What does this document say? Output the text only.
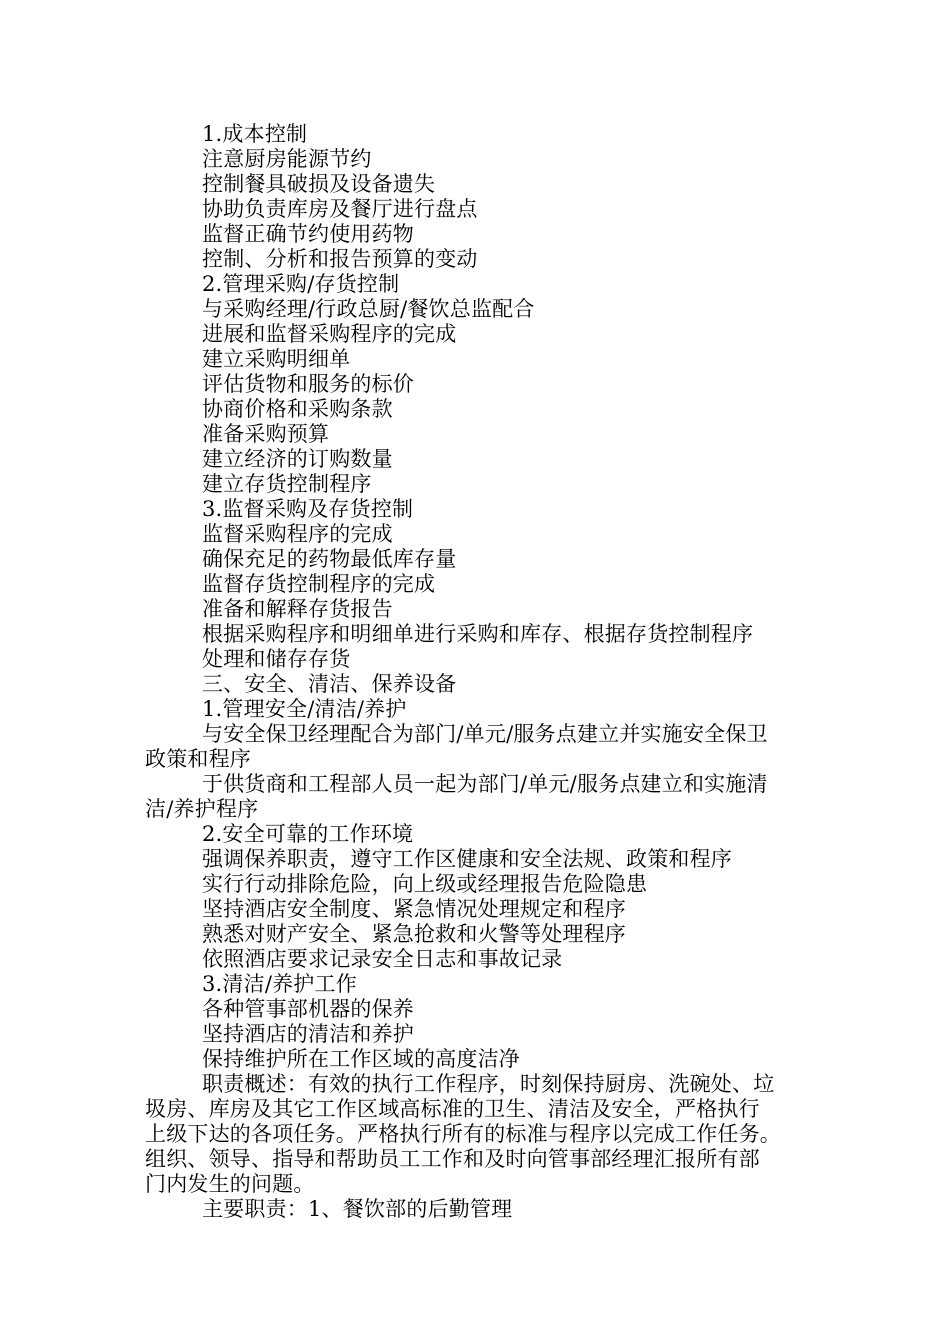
1.成本控制

注意厨房能源节约

控制餐具破损及设备遗失

协助负责库房及餐厅进行盘点

监督正确节约使用药物

控制、分析和报告预算的变动

2.管理采购/存货控制

与采购经理/行政总厨/餐饮总监配合

进展和监督采购程序的完成

建立采购明细单

评估货物和服务的标价

协商价格和采购条款

准备采购预算

建立经济的订购数量

建立存货控制程序

3.监督采购及存货控制

监督采购程序的完成

确保充足的药物最低库存量

监督存货控制程序的完成

准备和解释存货报告

根据采购程序和明细单进行采购和库存、根据存货控制程序

处理和储存存货

三、安全、清洁、保养设备

1.管理安全/清洁/养护

与安全保卫经理配合为部门/单元/服务点建立并实施安全保卫

政策和程序

于供货商和工程部人员一起为部门/单元/服务点建立和实施清

洁/养护程序

2.安全可靠的工作环境

强调保养职责，遵守工作区健康和安全法规、政策和程序

实行行动排除危险，向上级或经理报告危险隐患

坚持酒店安全制度、紧急情况处理规定和程序

熟悉对财产安全、紧急抢救和火警等处理程序

依照酒店要求记录安全日志和事故记录

3.清洁/养护工作

各种管事部机器的保养

坚持酒店的清洁和养护

保持维护所在工作区域的高度洁净

职责概述：有效的执行工作程序，时刻保持厨房、洗碗处、垃

圾房、库房及其它工作区域高标准的卫生、清洁及安全，严格执行

上级下达的各项任务。严格执行所有的标准与程序以完成工作任务。

组织、领导、指导和帮助员工工作和及时向管事部经理汇报所有部

门内发生的问题。

主要职责：1、餐饮部的后勤管理
